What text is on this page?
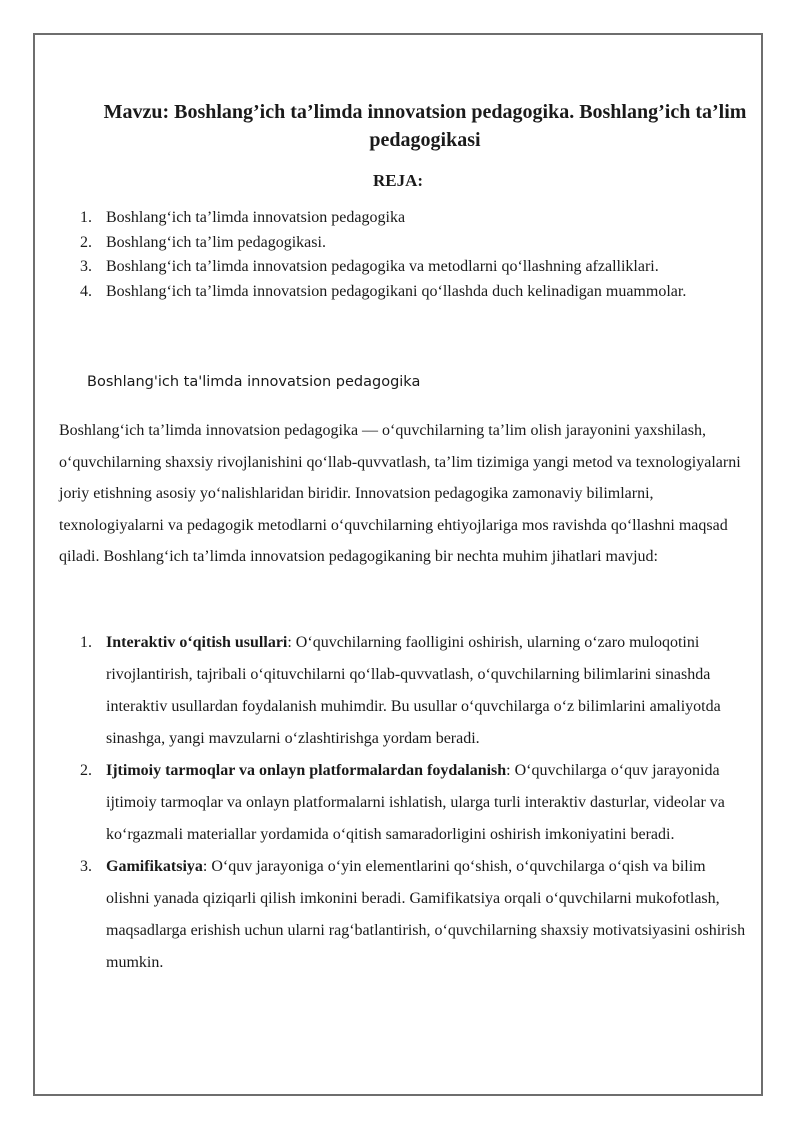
Mavzu: Boshlang’ich ta’limda innovatsion pedagogika. Boshlang’ich ta’lim pedagogikasi
REJA:
1. Boshlang‘ich ta’limda innovatsion pedagogika
2. Boshlang‘ich ta’lim pedagogikasi.
3. Boshlang‘ich ta’limda innovatsion pedagogika va metodlarni qo‘llashning afzalliklari.
4. Boshlang‘ich ta’limda innovatsion pedagogikani qo‘llashda duch kelinadigan muammolar.
Boshlang'ich ta'limda innovatsion pedagogika

Boshlang‘ich ta’limda innovatsion pedagogika — o‘quvchilarning ta’lim olish jarayonini yaxshilash, o‘quvchilarning shaxsiy rivojlanishini qo‘llab-quvvatlash, ta’lim tizimiga yangi metod va texnologiyalarni joriy etishning asosiy yo‘nalishlaridan biridir. Innovatsion pedagogika zamonaviy bilimlarni, texnologiyalarni va pedagogik metodlarni o‘quvchilarning ehtiyojlariga mos ravishda qo‘llashni maqsad qiladi. Boshlang‘ich ta’limda innovatsion pedagogikaning bir nechta muhim jihatlari mavjud:

1. Interaktiv o‘qitish usullari: O‘quvchilarning faolligini oshirish, ularning o‘zaro muloqotini rivojlantirish, tajribali o‘qituvchilarni qo‘llab-quvvatlash, o‘quvchilarning bilimlarini sinashda interaktiv usullardan foydalanish muhimdir. Bu usullar o‘quvchilarga o‘z bilimlarini amaliyotda sinashga, yangi mavzularni o‘zlashtirishga yordam beradi.
2. Ijtimoiy tarmoqlar va onlayn platformalardan foydalanish: O‘quvchilarga o‘quv jarayonida ijtimoiy tarmoqlar va onlayn platformalarni ishlatish, ularga turli interaktiv dasturlar, videolar va ko‘rgazmali materiallar yordamida o‘qitish samaradorligini oshirish imkoniyatini beradi.
3. Gamifikatsiya: O‘quv jarayoniga o‘yin elementlarini qo‘shish, o‘quvchilarga o‘qish va bilim olishni yanada qiziqarli qilish imkonini beradi. Gamifikatsiya orqali o‘quvchilarni mukofotlash, maqsadlarga erishish uchun ularni rag‘batlantirish, o‘quvchilarning shaxsiy motivatsiyasini oshirish mumkin.
